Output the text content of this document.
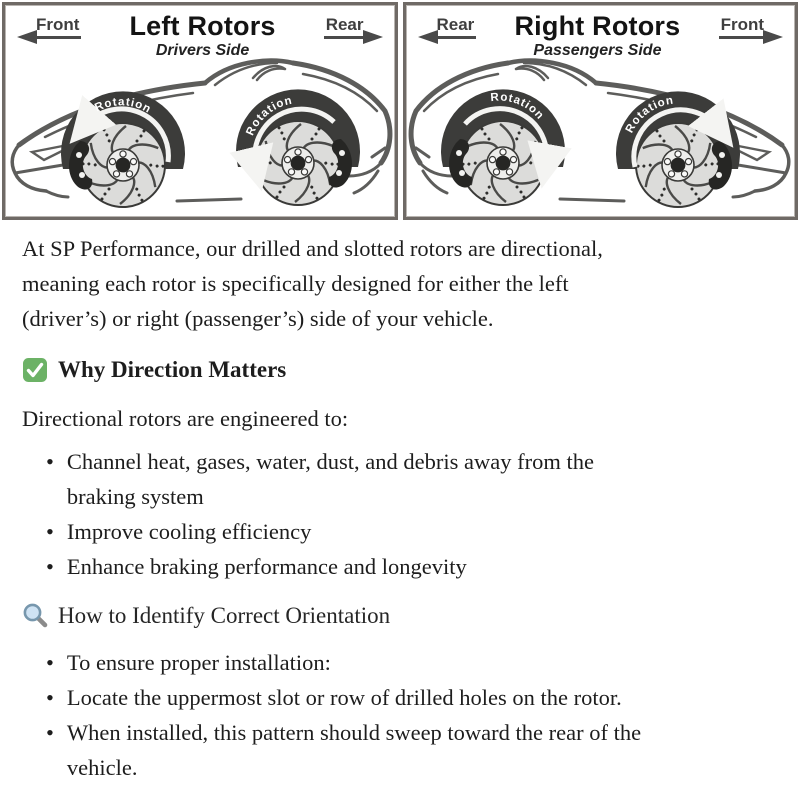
Front	Left Rotors
Drivers Side
Rear
Rotation
Rotation
Rear	Right Rotors
Passengers Side
Front
Rotation
Rotation
At SP Performance, our drilled and slotted rotors are directional,
meaning each rotor is specifically designed for either the left
(driver’s) or right (passenger’s) side of your vehicle.
Why Direction Matters
Directional rotors are engineered to:
• Channel heat, gases, water, dust, and debris away from the
braking system
• Improve cooling efficiency
• Enhance braking performance and longevity
How to Identify Correct Orientation
• To ensure proper installation:
• Locate the uppermost slot or row of drilled holes on the rotor.
• When installed, this pattern should sweep toward the rear of the
vehicle.
